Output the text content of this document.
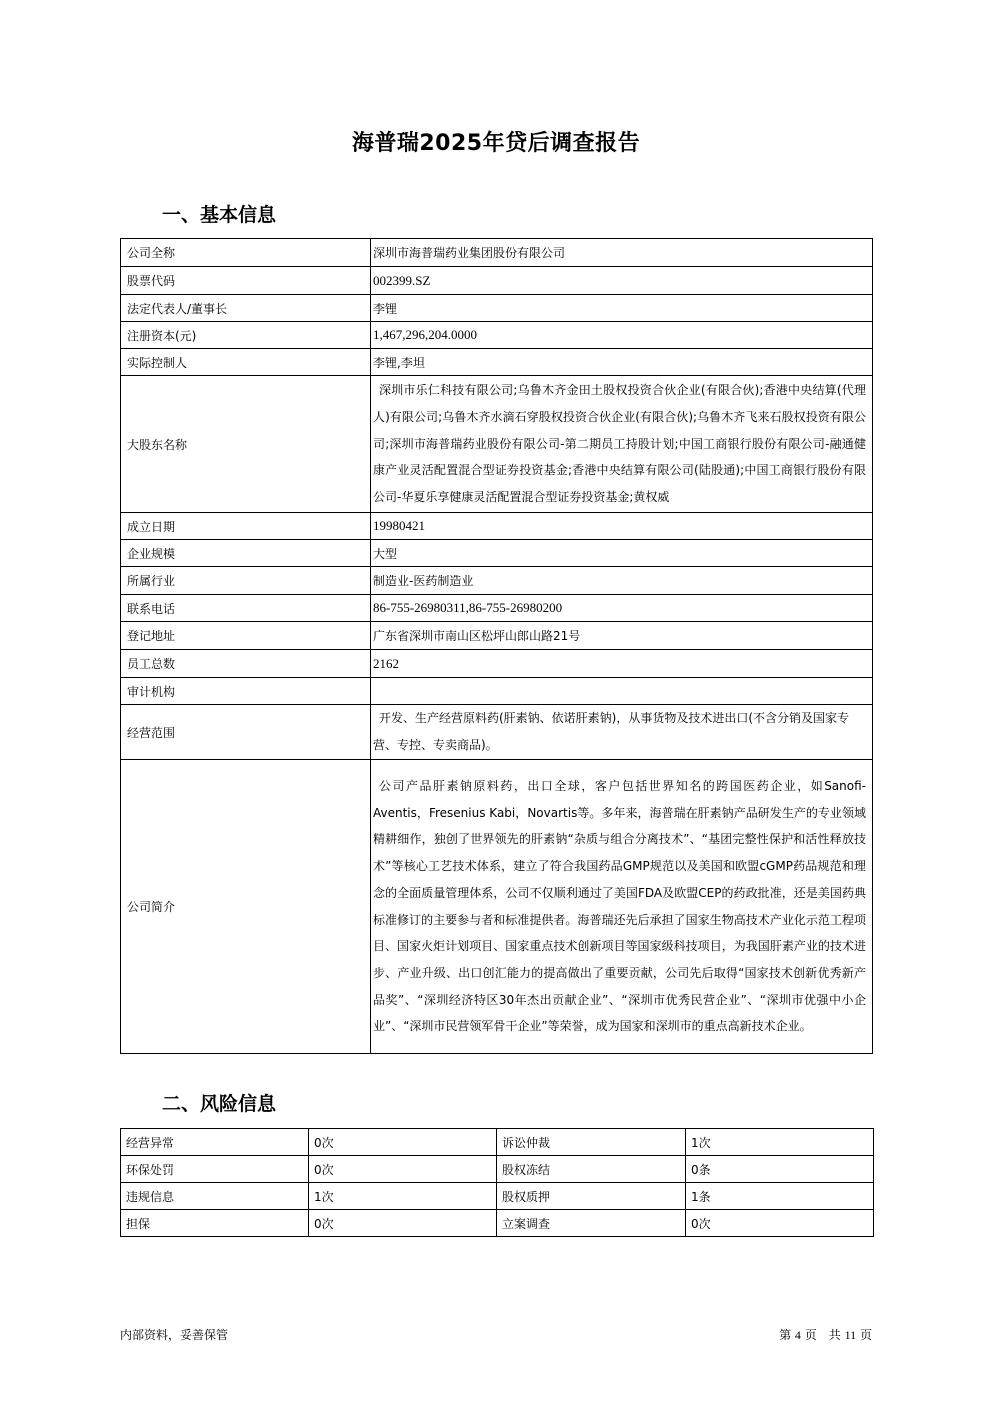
海普瑞2025年贷后调查报告
一、基本信息
公司全称	深圳市海普瑞药业集团股份有限公司
股票代码	002399.SZ
法定代表人/董事长	李锂
注册资本(元)	1,467,296,204.0000
实际控制人	李锂,李坦
大股东名称	深圳市乐仁科技有限公司;乌鲁木齐金田土股权投资合伙企业(有限合伙);香港中央结算(代理人)有限公司;乌鲁木齐水滴石穿股权投资合伙企业(有限合伙);乌鲁木齐飞来石股权投资有限公司;深圳市海普瑞药业股份有限公司-第二期员工持股计划;中国工商银行股份有限公司-融通健康产业灵活配置混合型证券投资基金;香港中央结算有限公司(陆股通);中国工商银行股份有限公司-华夏乐享健康灵活配置混合型证券投资基金;黄权威
成立日期	19980421
企业规模	大型
所属行业	制造业-医药制造业
联系电话	86-755-26980311,86-755-26980200
登记地址	广东省深圳市南山区松坪山郎山路21号
员工总数	2162
审计机构	
经营范围	开发、生产经营原料药(肝素钠、依诺肝素钠)，从事货物及技术进出口(不含分销及国家专营、专控、专卖商品)。
公司简介	公司产品肝素钠原料药，出口全球，客户包括世界知名的跨国医药企业，如Sanofi-Aventis，Fresenius Kabi，Novartis等。多年来，海普瑞在肝素钠产品研发生产的专业领域精耕细作，独创了世界领先的肝素钠“杂质与组合分离技术”、“基团完整性保护和活性释放技术”等核心工艺技术体系，建立了符合我国药品GMP规范以及美国和欧盟cGMP药品规范和理念的全面质量管理体系，公司不仅顺利通过了美国FDA及欧盟CEP的药政批准，还是美国药典标准修订的主要参与者和标准提供者。海普瑞还先后承担了国家生物高技术产业化示范工程项目、国家火炬计划项目、国家重点技术创新项目等国家级科技项目，为我国肝素产业的技术进步、产业升级、出口创汇能力的提高做出了重要贡献，公司先后取得“国家技术创新优秀新产品奖”、“深圳经济特区30年杰出贡献企业”、“深圳市优秀民营企业”、“深圳市优强中小企业”、“深圳市民营领军骨干企业”等荣誉，成为国家和深圳市的重点高新技术企业。
二、风险信息
经营异常	0次	诉讼仲裁	1次
环保处罚	0次	股权冻结	0条
违规信息	1次	股权质押	1条
担保	0次	立案调查	0次
内部资料，妥善保管	第 4 页　共 11 页
